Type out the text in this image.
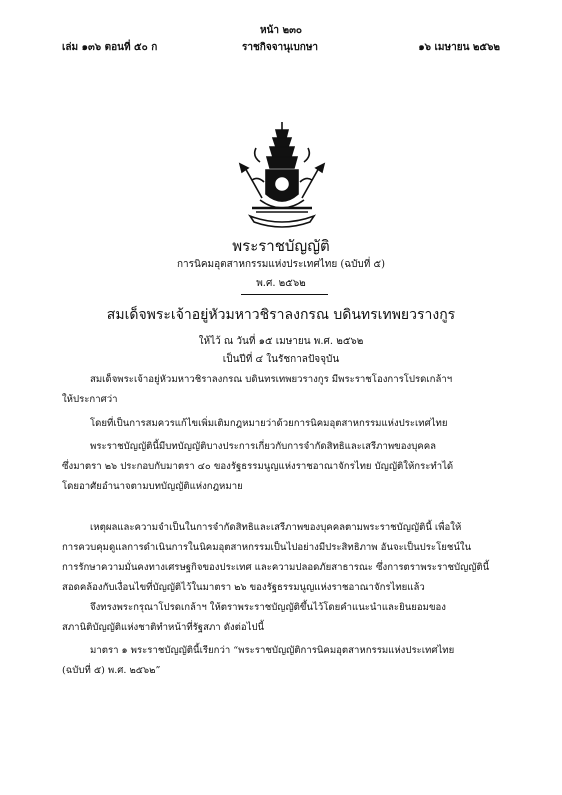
หน้า ๒๓๐
เล่ม ๑๓๖ ตอนที่ ๕๐ ก	ราชกิจจานุเบกษา	๑๖ เมษายน ๒๕๖๒
พระราชบัญญัติ
การนิคมอุตสาหกรรมแห่งประเทศไทย (ฉบับที่ ๕)
พ.ศ. ๒๕๖๒
สมเด็จพระเจ้าอยู่หัวมหาวชิราลงกรณ บดินทรเทพยวรางกูร
ให้ไว้ ณ วันที่ ๑๕ เมษายน พ.ศ. ๒๕๖๒
เป็นปีที่ ๔ ในรัชกาลปัจจุบัน
สมเด็จพระเจ้าอยู่หัวมหาวชิราลงกรณ บดินทรเทพยวรางกูร มีพระราชโองการโปรดเกล้าฯ
ให้ประกาศว่า
โดยที่เป็นการสมควรแก้ไขเพิ่มเติมกฎหมายว่าด้วยการนิคมอุตสาหกรรมแห่งประเทศไทย
พระราชบัญญัตินี้มีบทบัญญัติบางประการเกี่ยวกับการจำกัดสิทธิและเสรีภาพของบุคคล
ซึ่งมาตรา ๒๖ ประกอบกับมาตรา ๔๐ ของรัฐธรรมนูญแห่งราชอาณาจักรไทย บัญญัติให้กระทำได้
โดยอาศัยอำนาจตามบทบัญญัติแห่งกฎหมาย
เหตุผลและความจำเป็นในการจำกัดสิทธิและเสรีภาพของบุคคลตามพระราชบัญญัตินี้ เพื่อให้
การควบคุมดูแลการดำเนินการในนิคมอุตสาหกรรมเป็นไปอย่างมีประสิทธิภาพ อันจะเป็นประโยชน์ใน
การรักษาความมั่นคงทางเศรษฐกิจของประเทศ และความปลอดภัยสาธารณะ ซึ่งการตราพระราชบัญญัตินี้
สอดคล้องกับเงื่อนไขที่บัญญัติไว้ในมาตรา ๒๖ ของรัฐธรรมนูญแห่งราชอาณาจักรไทยแล้ว
จึงทรงพระกรุณาโปรดเกล้าฯ ให้ตราพระราชบัญญัติขึ้นไว้โดยคำแนะนำและยินยอมของ
สภานิติบัญญัติแห่งชาติทำหน้าที่รัฐสภา ดังต่อไปนี้
มาตรา ๑ พระราชบัญญัตินี้เรียกว่า “พระราชบัญญัติการนิคมอุตสาหกรรมแห่งประเทศไทย
(ฉบับที่ ๕) พ.ศ. ๒๕๖๒”
